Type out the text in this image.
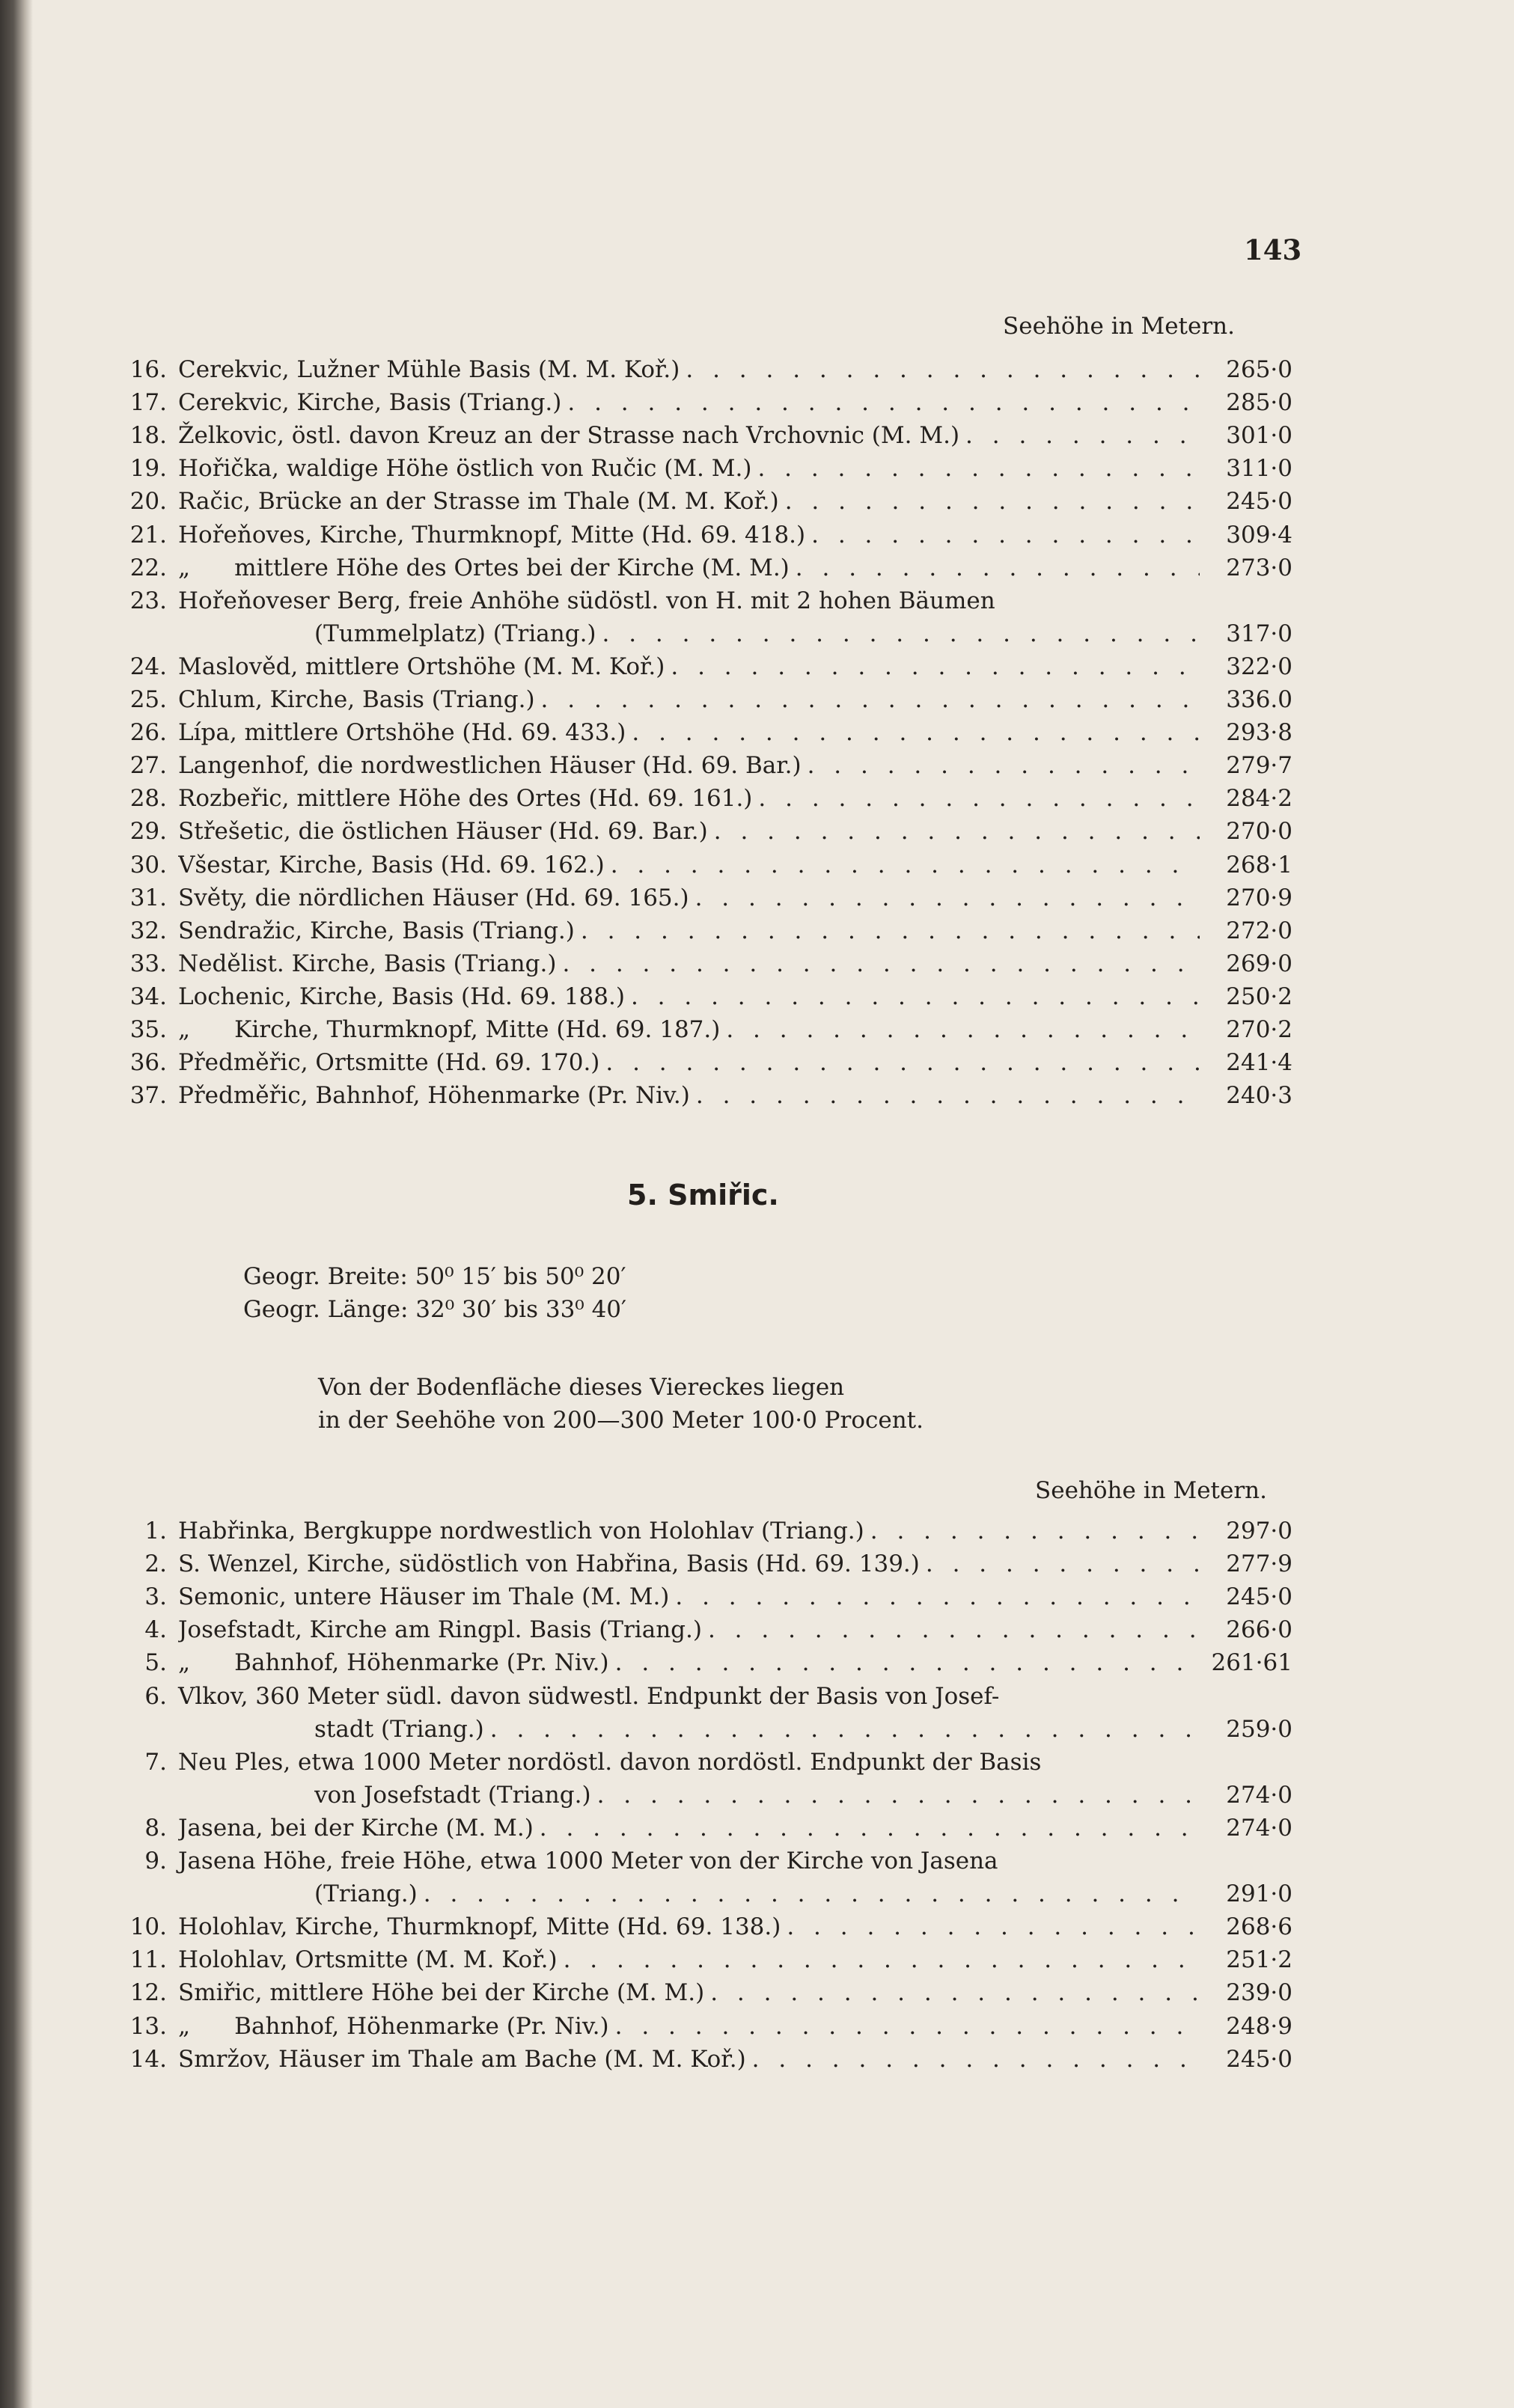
143
Seehöhe in Metern.
16. Cerekvic, Lužner Mühle Basis (M. M. Koř.) . . .	265·0
17. Cerekvic, Kirche, Basis (Triang.) . . .	285·0
18. Želkovic, östl. davon Kreuz an der Strasse nach Vrchovnic (M. M.) . . .	301·0
19. Hořička, waldige Höhe östlich von Ručic (M. M.) . . .	311·0
20. Račic, Brücke an der Strasse im Thale (M. M. Koř.) . . .	245·0
21. Hořeňoves, Kirche, Thurmknopf, Mitte (Hd. 69. 418.) . . .	309·4
22. „      mittlere Höhe des Ortes bei der Kirche (M. M.) . . .	273·0
23. Hořeňoveser Berg, freie Anhöhe südöstl. von H. mit 2 hohen Bäumen
(Tummelplatz) (Triang.) . . .	317·0
24. Maslověd, mittlere Ortshöhe (M. M. Koř.) . . .	322·0
25. Chlum, Kirche, Basis (Triang.) . . .	336.0
26. Lípa, mittlere Ortshöhe (Hd. 69. 433.) . . .	293·8
27. Langenhof, die nordwestlichen Häuser (Hd. 69. Bar.) . . .	279·7
28. Rozbeřic, mittlere Höhe des Ortes (Hd. 69. 161.) . . .	284·2
29. Střešetic, die östlichen Häuser (Hd. 69. Bar.) . . .	270·0
30. Všestar, Kirche, Basis (Hd. 69. 162.) . . .	268·1
31. Světy, die nördlichen Häuser (Hd. 69. 165.) . . .	270·9
32. Sendražic, Kirche, Basis (Triang.) . . .	272·0
33. Nedělist. Kirche, Basis (Triang.) . . .	269·0
34. Lochenic, Kirche, Basis (Hd. 69. 188.) . . .	250·2
35. „      Kirche, Thurmknopf, Mitte (Hd. 69. 187.) . . .	270·2
36. Předměřic, Ortsmitte (Hd. 69. 170.) . . .	241·4
37. Předměřic, Bahnhof, Höhenmarke (Pr. Niv.) . . .	240·3
5. Smiřic.
Geogr. Breite: 50⁰ 15′ bis 50⁰ 20′
Geogr. Länge: 32⁰ 30′ bis 33⁰ 40′
Von der Bodenfläche dieses Viereckes liegen
in der Seehöhe von 200—300 Meter 100·0 Procent.
Seehöhe in Metern.
1. Habřinka, Bergkuppe nordwestlich von Holohlav (Triang.) . . .	297·0
2. S. Wenzel, Kirche, südöstlich von Habřina, Basis (Hd. 69. 139.) . . .	277·9
3. Semonic, untere Häuser im Thale (M. M.) . . .	245·0
4. Josefstadt, Kirche am Ringpl. Basis (Triang.) . . .	266·0
5. „      Bahnhof, Höhenmarke (Pr. Niv.) . . .	261·61
6. Vlkov, 360 Meter südl. davon südwestl. Endpunkt der Basis von Josef-
stadt (Triang.) . . .	259·0
7. Neu Ples, etwa 1000 Meter nordöstl. davon nordöstl. Endpunkt der Basis
von Josefstadt (Triang.) . . .	274·0
8. Jasena, bei der Kirche (M. M.) . . .	274·0
9. Jasena Höhe, freie Höhe, etwa 1000 Meter von der Kirche von Jasena
(Triang.) . . .	291·0
10. Holohlav, Kirche, Thurmknopf, Mitte (Hd. 69. 138.) . . .	268·6
11. Holohlav, Ortsmitte (M. M. Koř.) . . .	251·2
12. Smiřic, mittlere Höhe bei der Kirche (M. M.) . . .	239·0
13. „      Bahnhof, Höhenmarke (Pr. Niv.) . . .	248·9
14. Smržov, Häuser im Thale am Bache (M. M. Koř.) . . .	245·0
